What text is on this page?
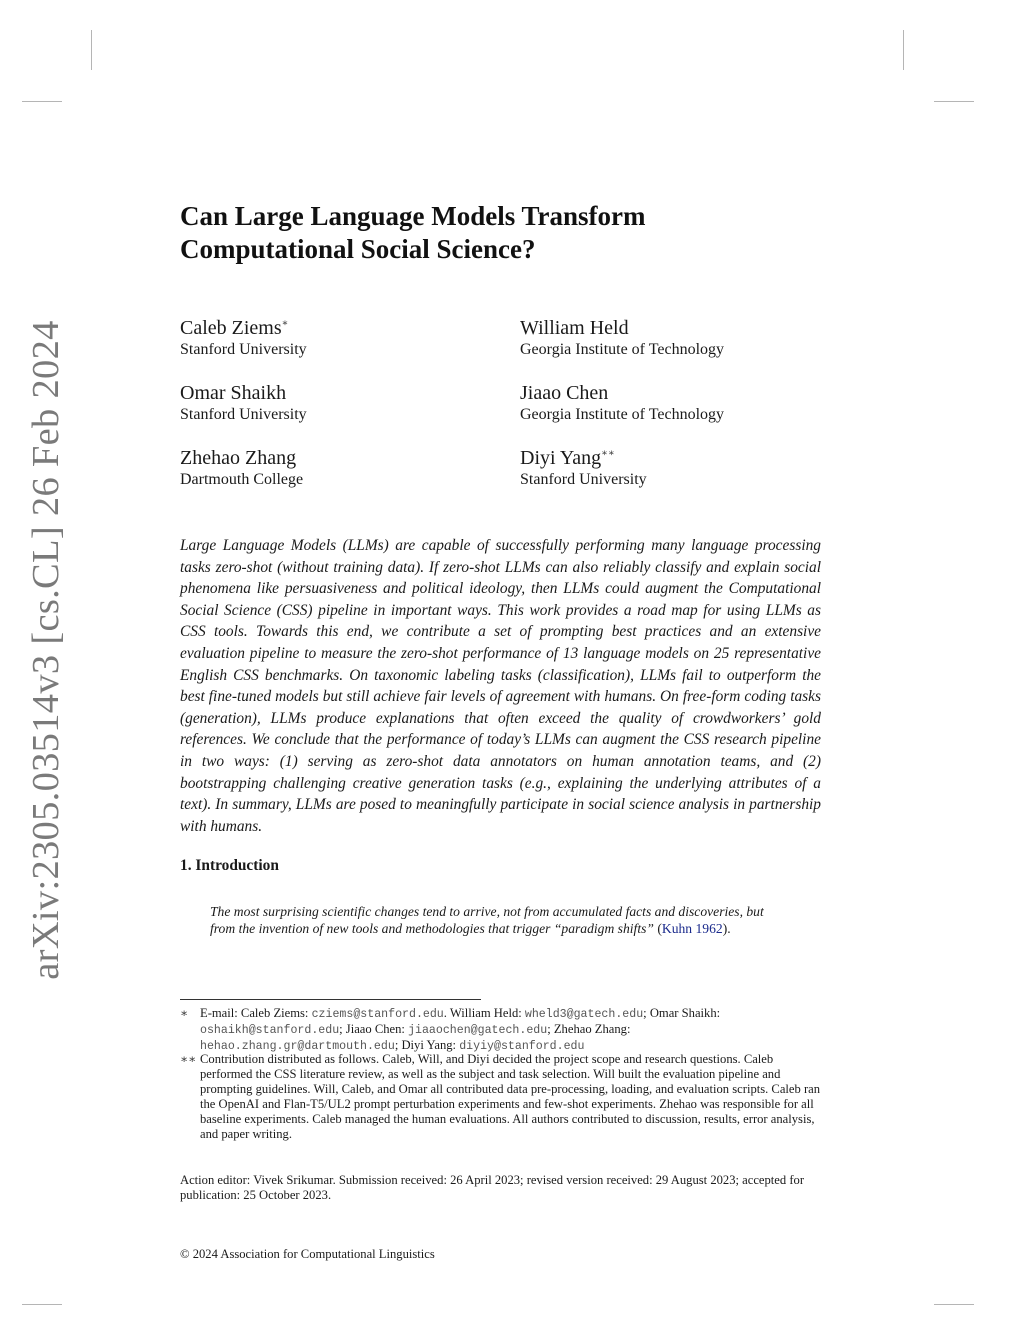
arXiv:2305.03514v3 [cs.CL] 26 Feb 2024
Can Large Language Models Transform
Computational Social Science?
Caleb Ziems∗
Stanford University
William Held
Georgia Institute of Technology
Omar Shaikh
Stanford University
Jiaao Chen
Georgia Institute of Technology
Zhehao Zhang
Dartmouth College
Diyi Yang∗∗
Stanford University

Large Language Models (LLMs) are capable of successfully performing many language processing tasks zero-shot (without training data). If zero-shot LLMs can also reliably classify and explain social phenomena like persuasiveness and political ideology, then LLMs could augment the Computational Social Science (CSS) pipeline in important ways. This work provides a road map for using LLMs as CSS tools. Towards this end, we contribute a set of prompting best practices and an extensive evaluation pipeline to measure the zero-shot performance of 13 language models on 25 representative English CSS benchmarks. On taxonomic labeling tasks (classification), LLMs fail to outperform the best fine-tuned models but still achieve fair levels of agreement with humans. On free-form coding tasks (generation), LLMs produce explanations that often exceed the quality of crowdworkers’ gold references. We conclude that the performance of today’s LLMs can augment the CSS research pipeline in two ways: (1) serving as zero-shot data annotators on human annotation teams, and (2) bootstrapping challenging creative generation tasks (e.g., explaining the underlying attributes of a text). In summary, LLMs are posed to meaningfully participate in social science analysis in partnership with humans.

1. Introduction

The most surprising scientific changes tend to arrive, not from accumulated facts and discoveries, but from the invention of new tools and methodologies that trigger “paradigm shifts” (Kuhn 1962).

∗ E-mail: Caleb Ziems: cziems@stanford.edu. William Held: wheld3@gatech.edu; Omar Shaikh: oshaikh@stanford.edu; Jiaao Chen: jiaaochen@gatech.edu; Zhehao Zhang: hehao.zhang.gr@dartmouth.edu; Diyi Yang: diyiy@stanford.edu
∗∗ Contribution distributed as follows. Caleb, Will, and Diyi decided the project scope and research questions. Caleb performed the CSS literature review, as well as the subject and task selection. Will built the evaluation pipeline and prompting guidelines. Will, Caleb, and Omar all contributed data pre-processing, loading, and evaluation scripts. Caleb ran the OpenAI and Flan-T5/UL2 prompt perturbation experiments and few-shot experiments. Zhehao was responsible for all baseline experiments. Caleb managed the human evaluations. All authors contributed to discussion, results, error analysis, and paper writing.
Action editor: Vivek Srikumar. Submission received: 26 April 2023; revised version received: 29 August 2023; accepted for publication: 25 October 2023.
© 2024 Association for Computational Linguistics
